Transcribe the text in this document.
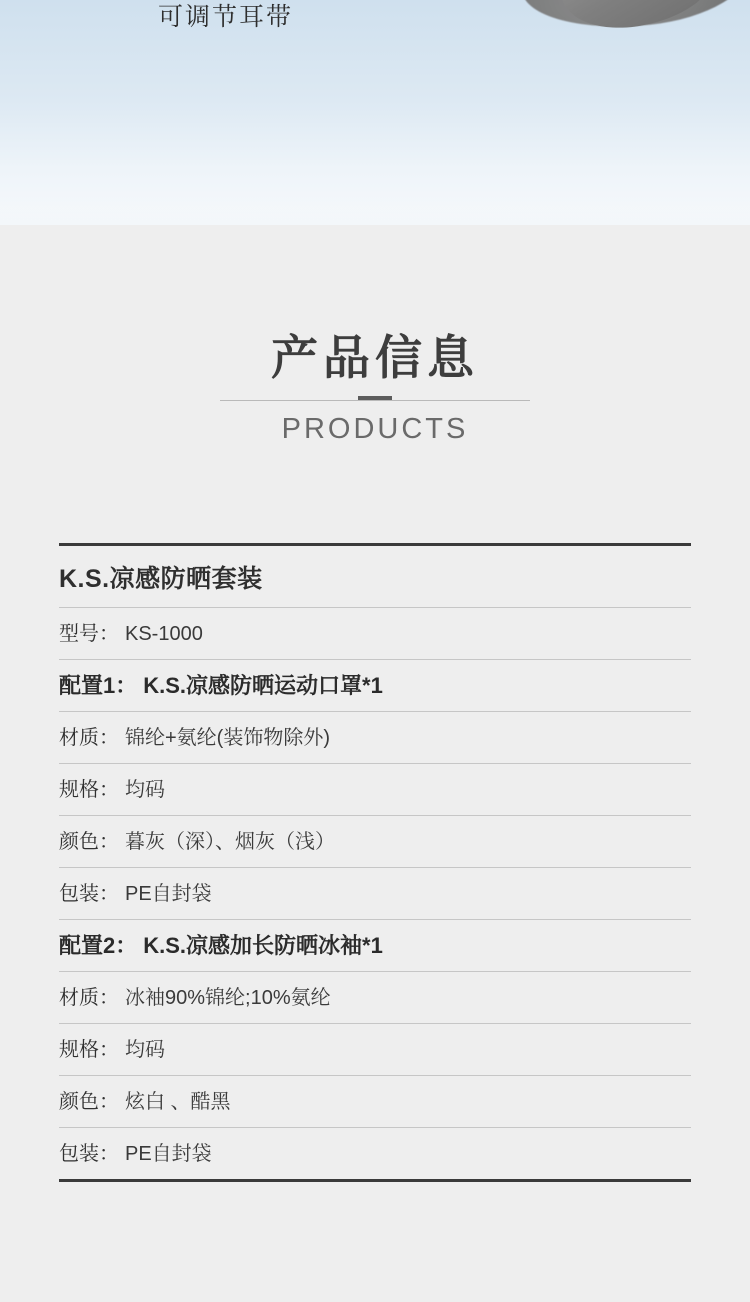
可调节耳带
产品信息
PRODUCTS
K.S.凉感防晒套装
型号： KS-1000
配置1： K.S.凉感防晒运动口罩*1
材质： 锦纶+氨纶(装饰物除外)
规格： 均码
颜色： 暮灰（深）、烟灰（浅）
包装： PE自封袋
配置2： K.S.凉感加长防晒冰袖*1
材质： 冰袖90%锦纶;10%氨纶
规格： 均码
颜色： 炫白 、酷黑
包装： PE自封袋
